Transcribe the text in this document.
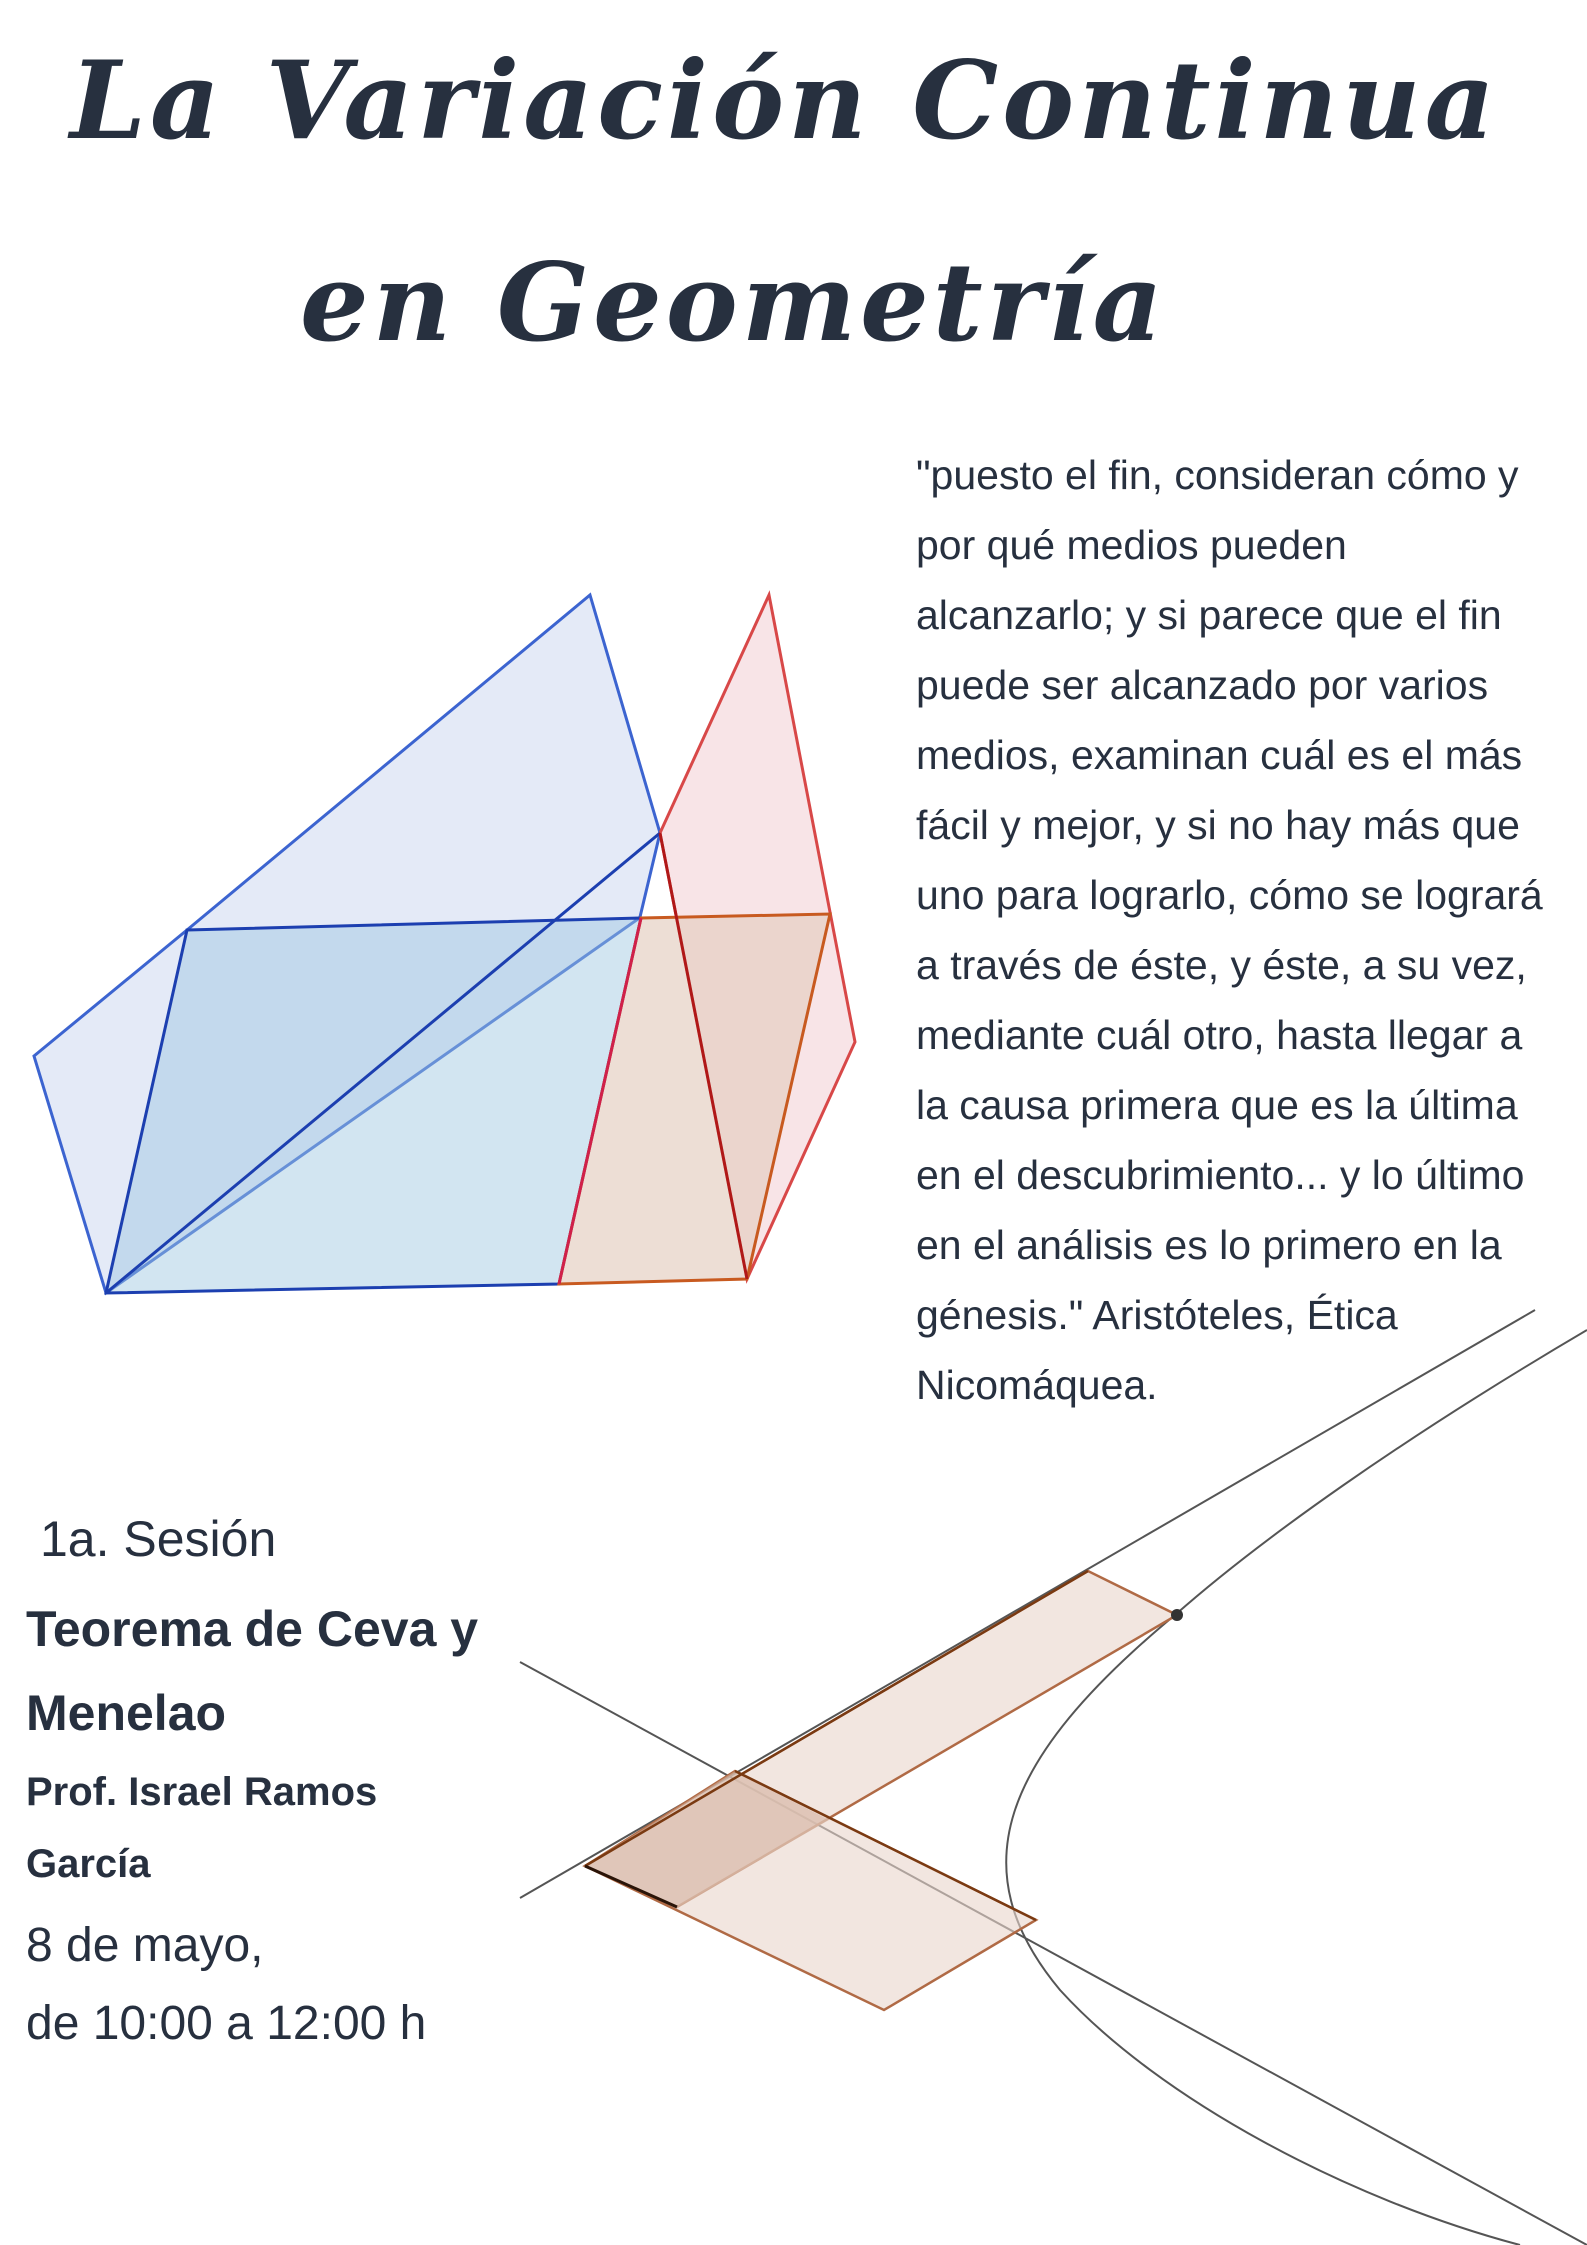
La Variación Continua
en Geometría

"puesto el fin, consideran cómo y
por qué medios pueden
alcanzarlo; y si parece que el fin
puede ser alcanzado por varios
medios, examinan cuál es el más
fácil y mejor, y si no hay más que
uno para lograrlo, cómo se logrará
a través de éste, y éste, a su vez,
mediante cuál otro, hasta llegar a
la causa primera que es la última
en el descubrimiento... y lo último
en el análisis es lo primero en la
génesis." Aristóteles, Ética
Nicomáquea.

1a. Sesión

Teorema de Ceva y

Menelao

Prof. Israel Ramos

García

8 de mayo,

de 10:00 a 12:00 h
